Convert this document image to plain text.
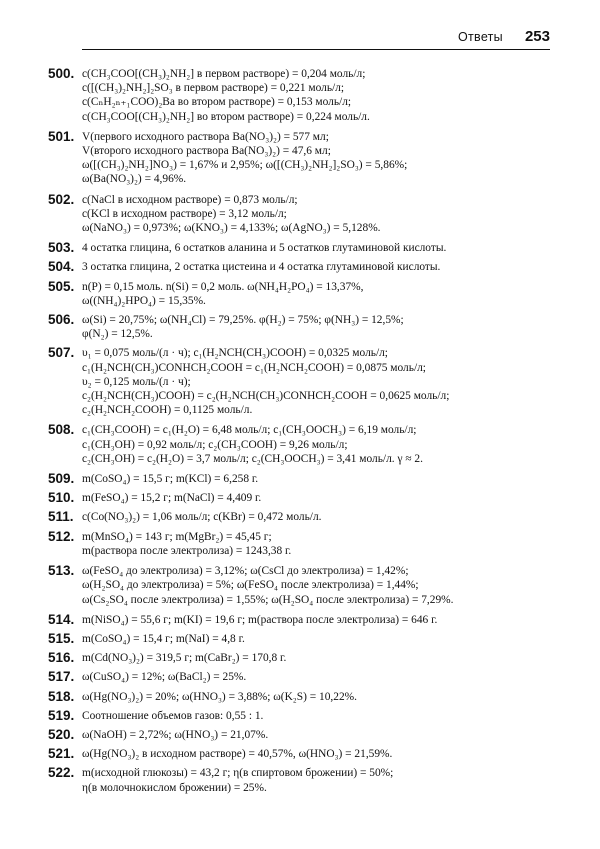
Ответы 253
500. c(CH₃COO[(CH₃)₂NH₂] в первом растворе) = 0,204 моль/л;
c([(CH₃)₂NH₂]₂SO₃ в первом растворе) = 0,221 моль/л;
c(CₙH₂ₙ₊₁COO)₂Ba во втором растворе) = 0,153 моль/л;
c(CH₃COO[(CH₃)₂NH₂] во втором растворе) = 0,224 моль/л.
501. V(первого исходного раствора Ba(NO₃)₂) = 577 мл;
V(второго исходного раствора Ba(NO₃)₂) = 47,6 мл;
ω([(CH₃)₂NH₂]NO₃) = 1,67% и 2,95%; ω([(CH₃)₂NH₂]₂SO₃) = 5,86%;
ω(Ba(NO₃)₂) = 4,96%.
502. c(NaCl в исходном растворе) = 0,873 моль/л;
c(KCl в исходном растворе) = 3,12 моль/л;
ω(NaNO₃) = 0,973%; ω(KNO₃) = 4,133%; ω(AgNO₃) = 5,128%.
503. 4 остатка глицина, 6 остатков аланина и 5 остатков глутаминовой кислоты.
504. 3 остатка глицина, 2 остатка цистеина и 4 остатка глутаминовой кислоты.
505. n(P) = 0,15 моль. n(Si) = 0,2 моль. ω(NH₄H₂PO₄) = 13,37%,
ω((NH₄)₂HPO₄) = 15,35%.
506. ω(Si) = 20,75%; ω(NH₄Cl) = 79,25%. φ(H₂) = 75%; φ(NH₃) = 12,5%;
φ(N₂) = 12,5%.
507. υ₁ = 0,075 моль/(л · ч); c₁(H₂NCH(CH₃)COOH) = 0,0325 моль/л;
c₁(H₂NCH(CH₃)CONHCH₂COOH = c₁(H₂NCH₂COOH) = 0,0875 моль/л;
υ₂ = 0,125 моль/(л · ч);
c₂(H₂NCH(CH₃)COOH) = c₂(H₂NCH(CH₃)CONHCH₂COOH = 0,0625 моль/л;
c₂(H₂NCH₂COOH) = 0,1125 моль/л.
508. c₁(CH₃COOH) = c₁(H₂O) = 6,48 моль/л; c₁(CH₃OOCH₃) = 6,19 моль/л;
c₁(CH₃OH) = 0,92 моль/л; c₂(CH₃COOH) = 9,26 моль/л;
c₂(CH₃OH) = c₂(H₂O) = 3,7 моль/л; c₂(CH₃OOCH₃) = 3,41 моль/л. γ ≈ 2.
509. m(CoSO₄) = 15,5 г; m(KCl) = 6,258 г.
510. m(FeSO₄) = 15,2 г; m(NaCl) = 4,409 г.
511. c(Co(NO₃)₂) = 1,06 моль/л; c(KBr) = 0,472 моль/л.
512. m(MnSO₄) = 143 г; m(MgBr₂) = 45,45 г;
m(раствора после электролиза) = 1243,38 г.
513. ω(FeSO₄ до электролиза) = 3,12%; ω(CsCl до электролиза) = 1,42%;
ω(H₂SO₄ до электролиза) = 5%; ω(FeSO₄ после электролиза) = 1,44%;
ω(Cs₂SO₄ после электролиза) = 1,55%; ω(H₂SO₄ после электролиза) = 7,29%.
514. m(NiSO₄) = 55,6 г; m(KI) = 19,6 г; m(раствора после электролиза) = 646 г.
515. m(CoSO₄) = 15,4 г; m(NaI) = 4,8 г.
516. m(Cd(NO₃)₂) = 319,5 г; m(CaBr₂) = 170,8 г.
517. ω(CuSO₄) = 12%; ω(BaCl₂) = 25%.
518. ω(Hg(NO₃)₂) = 20%; ω(HNO₃) = 3,88%; ω(K₂S) = 10,22%.
519. Соотношение объемов газов: 0,55 : 1.
520. ω(NaOH) = 2,72%; ω(HNO₃) = 21,07%.
521. ω(Hg(NO₃)₂ в исходном растворе) = 40,57%, ω(HNO₃) = 21,59%.
522. m(исходной глюкозы) = 43,2 г; η(в спиртовом брожении) = 50%;
η(в молочнокислом брожении) = 25%.
